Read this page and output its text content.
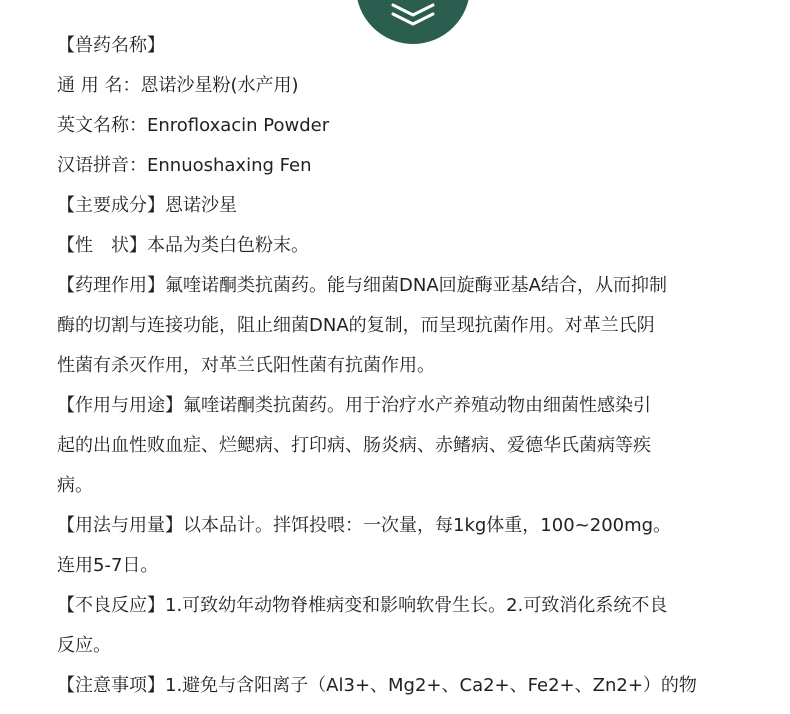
【兽药名称】
通 用 名：恩诺沙星粉(水产用)
英文名称：Enrofloxacin Powder
汉语拼音：Ennuoshaxing Fen
【主要成分】恩诺沙星
【性　状】本品为类白色粉末。
【药理作用】氟喹诺酮类抗菌药。能与细菌DNA回旋酶亚基A结合，从而抑制
酶的切割与连接功能，阻止细菌DNA的复制，而呈现抗菌作用。对革兰氏阴
性菌有杀灭作用，对革兰氏阳性菌有抗菌作用。
【作用与用途】氟喹诺酮类抗菌药。用于治疗水产养殖动物由细菌性感染引
起的出血性败血症、烂鳃病、打印病、肠炎病、赤鳍病、爱德华氏菌病等疾
病。
【用法与用量】以本品计。拌饵投喂：一次量，每1kg体重，100~200mg。
连用5-7日。
【不良反应】1.可致幼年动物脊椎病变和影响软骨生长。2.可致消化系统不良
反应。
【注意事项】1.避免与含阳离子（Al3+、Mg2+、Ca2+、Fe2+、Zn2+）的物
